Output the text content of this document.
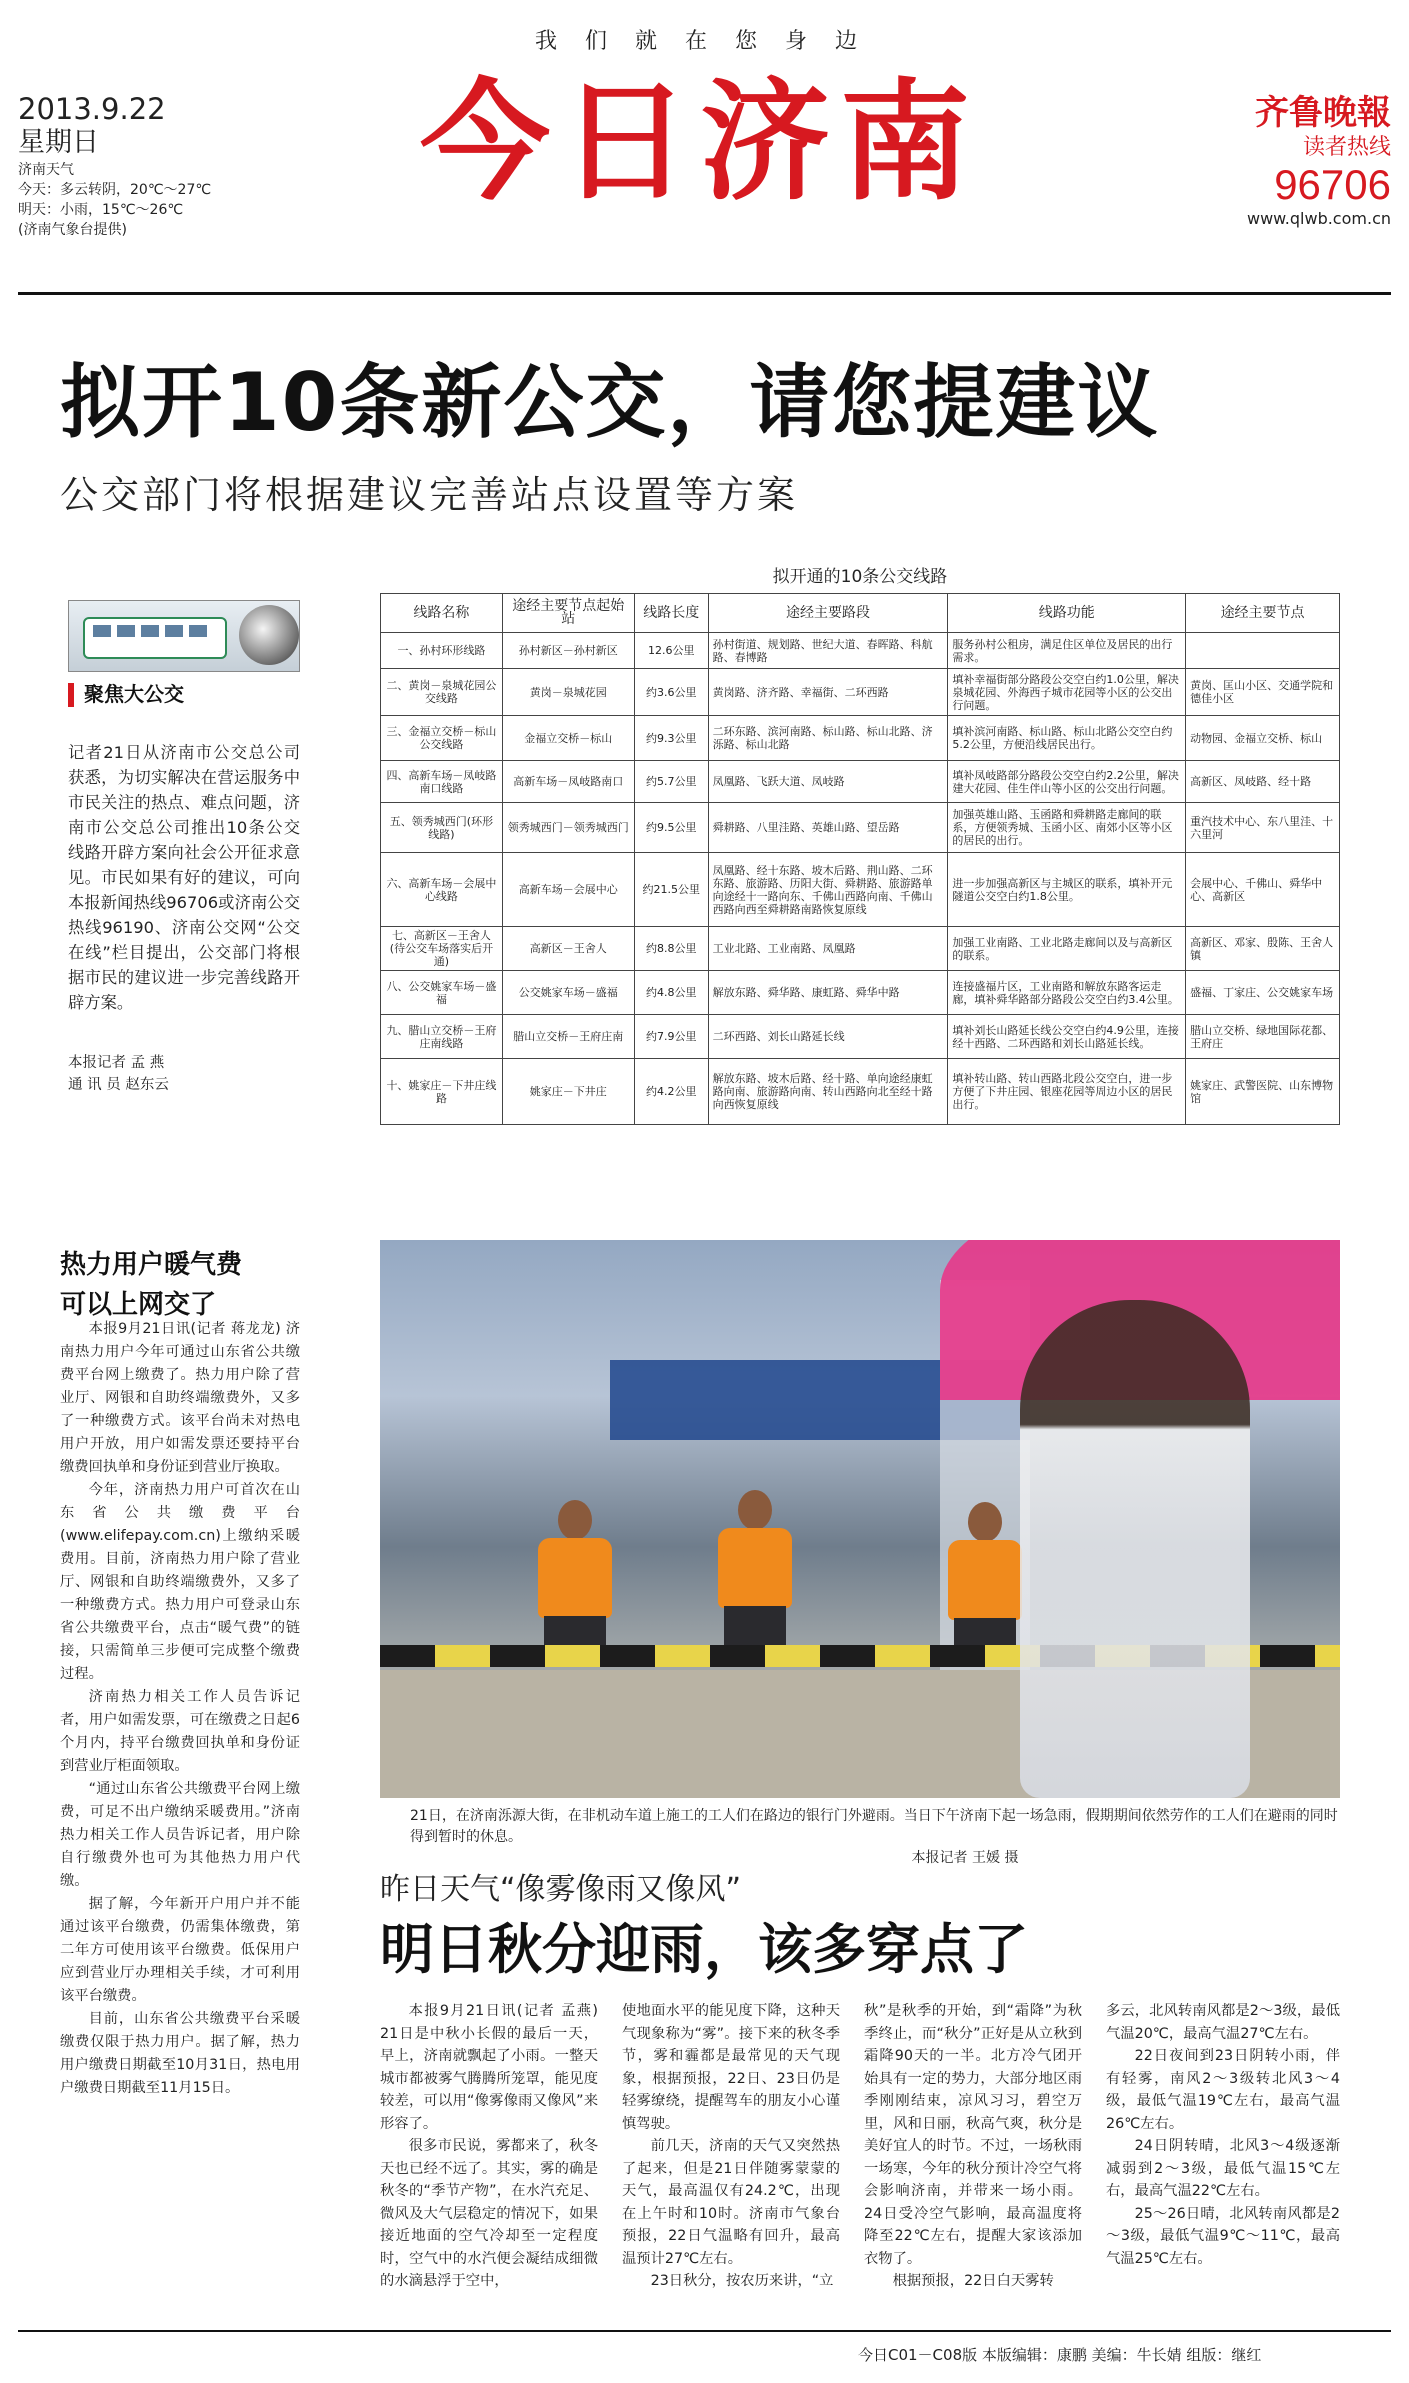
我们就在您身边
2013.9.22
星期日
济南天气
今天：多云转阴，20℃～27℃
明天：小雨，15℃～26℃
(济南气象台提供)
今日济南	齐鲁晚報
读者热线
96706
www.qlwb.com.cn
拟开10条新公交，请您提建议
公交部门将根据建议完善站点设置等方案
聚焦大公交
记者21日从济南市公交总公司获悉，为切实解决在营运服务中市民关注的热点、难点问题，济南市公交总公司推出10条公交线路开辟方案向社会公开征求意见。市民如果有好的建议，可向本报新闻热线96706或济南公交热线96190、济南公交网“公交在线”栏目提出，公交部门将根据市民的建议进一步完善线路开辟方案。
本报记者 孟 燕
通 讯 员 赵东云
拟开通的10条公交线路
线路名称	途经主要节点起始站	线路长度	途经主要路段	线路功能	途经主要节点
一、孙村环形线路	孙村新区－孙村新区	12.6公里	孙村街道、规划路、世纪大道、春晖路、科航路、春博路	服务孙村公租房，满足住区单位及居民的出行需求。	
二、黄岗－泉城花园公交线路	黄岗－泉城花园	约3.6公里	黄岗路、济齐路、幸福街、二环西路	填补幸福街部分路段公交空白约1.0公里，解决泉城花园、外海西子城市花园等小区的公交出行问题。	黄岗、匡山小区、交通学院和德佳小区
三、金福立交桥－标山公交线路	金福立交桥－标山	约9.3公里	二环东路、滨河南路、标山路、标山北路、济泺路、标山北路	填补滨河南路、标山路、标山北路公交空白约5.2公里，方便沿线居民出行。	动物园、金福立交桥、标山
四、高新车场－凤岐路南口线路	高新车场－凤岐路南口	约5.7公里	凤凰路、飞跃大道、凤岐路	填补凤岐路部分路段公交空白约2.2公里，解决建大花园、佳生伴山等小区的公交出行问题。	高新区、凤岐路、经十路
五、领秀城西门(环形线路)	领秀城西门－领秀城西门	约9.5公里	舜耕路、八里洼路、英雄山路、望岳路	加强英雄山路、玉函路和舜耕路走廊间的联系，方便领秀城、玉函小区、南郊小区等小区的居民的出行。	重汽技术中心、东八里洼、十六里河
六、高新车场－会展中心线路	高新车场－会展中心	约21.5公里	凤凰路、经十东路、坡木后路、荆山路、二环东路、旅游路、历阳大街、舜耕路、旅游路单向途经十一路向东、千佛山西路向南、千佛山西路向西至舜耕路南路恢复原线	进一步加强高新区与主城区的联系，填补开元隧道公交空白约1.8公里。	会展中心、千佛山、舜华中心、高新区
七、高新区－王舍人(待公交车场落实后开通)	高新区－王舍人	约8.8公里	工业北路、工业南路、凤凰路	加强工业南路、工业北路走廊间以及与高新区的联系。	高新区、邓家、殷陈、王舍人镇
八、公交姚家车场－盛福	公交姚家车场－盛福	约4.8公里	解放东路、舜华路、康虹路、舜华中路	连接盛福片区，工业南路和解放东路客运走廊，填补舜华路部分路段公交空白约3.4公里。	盛福、丁家庄、公交姚家车场
九、腊山立交桥－王府庄南线路	腊山立交桥－王府庄南	约7.9公里	二环西路、刘长山路延长线	填补刘长山路延长线公交空白约4.9公里，连接经十西路、二环西路和刘长山路延长线。	腊山立交桥、绿地国际花都、王府庄
十、姚家庄－下井庄线路	姚家庄－下井庄	约4.2公里	解放东路、坡木后路、经十路、单向途经康虹路向南、旅游路向南、转山西路向北至经十路向西恢复原线	填补转山路、转山西路北段公交空白，进一步方便了下井庄园、银座花园等周边小区的居民出行。	姚家庄、武警医院、山东博物馆
热力用户暖气费
可以上网交了

本报9月21日讯(记者 蒋龙龙) 济南热力用户今年可通过山东省公共缴费平台网上缴费了。热力用户除了营业厅、网银和自助终端缴费外，又多了一种缴费方式。该平台尚未对热电用户开放，用户如需发票还要持平台缴费回执单和身份证到营业厅换取。

今年，济南热力用户可首次在山东省公共缴费平台(www.elifepay.com.cn)上缴纳采暖费用。目前，济南热力用户除了营业厅、网银和自助终端缴费外，又多了一种缴费方式。热力用户可登录山东省公共缴费平台，点击“暖气费”的链接，只需简单三步便可完成整个缴费过程。

济南热力相关工作人员告诉记者，用户如需发票，可在缴费之日起6个月内，持平台缴费回执单和身份证到营业厅柜面领取。

“通过山东省公共缴费平台网上缴费，可足不出户缴纳采暖费用。”济南热力相关工作人员告诉记者，用户除自行缴费外也可为其他热力用户代缴。

据了解，今年新开户用户并不能通过该平台缴费，仍需集体缴费，第二年方可使用该平台缴费。低保用户应到营业厅办理相关手续，才可利用该平台缴费。

目前，山东省公共缴费平台采暖缴费仅限于热力用户。据了解，热力用户缴费日期截至10月31日，热电用户缴费日期截至11月15日。

21日，在济南泺源大街，在非机动车道上施工的工人们在路边的银行门外避雨。当日下午济南下起一场急雨，假期期间依然劳作的工人们在避雨的同时得到暂时的休息。
本报记者 王媛 摄
昨日天气“像雾像雨又像风”
明日秋分迎雨，该多穿点了

本报9月21日讯(记者 孟燕) 21日是中秋小长假的最后一天，早上，济南就飘起了小雨。一整天城市都被雾气腾腾所笼罩，能见度较差，可以用“像雾像雨又像风”来形容了。

很多市民说，雾都来了，秋冬天也已经不远了。其实，雾的确是秋冬的“季节产物”，在水汽充足、微风及大气层稳定的情况下，如果接近地面的空气冷却至一定程度时，空气中的水汽便会凝结成细微的水滴悬浮于空中，

使地面水平的能见度下降，这种天气现象称为“雾”。接下来的秋冬季节，雾和霾都是最常见的天气现象，根据预报，22日、23日仍是轻雾缭绕，提醒驾车的朋友小心谨慎驾驶。

前几天，济南的天气又突然热了起来，但是21日伴随雾蒙蒙的天气，最高温仅有24.2℃，出现在上午时和10时。济南市气象台预报，22日气温略有回升，最高温预计27℃左右。

23日秋分，按农历来讲，“立

秋”是秋季的开始，到“霜降”为秋季终止，而“秋分”正好是从立秋到霜降90天的一半。北方冷气团开始具有一定的势力，大部分地区雨季刚刚结束，凉风习习，碧空万里，风和日丽，秋高气爽，秋分是美好宜人的时节。不过，一场秋雨一场寒，今年的秋分预计冷空气将会影响济南，并带来一场小雨。24日受冷空气影响，最高温度将降至22℃左右，提醒大家该添加衣物了。

根据预报，22日白天雾转

多云，北风转南风都是2～3级，最低气温20℃，最高气温27℃左右。

22日夜间到23日阴转小雨，伴有轻雾，南风2～3级转北风3～4级，最低气温19℃左右，最高气温26℃左右。

24日阴转晴，北风3～4级逐渐减弱到2～3级，最低气温15℃左右，最高气温22℃左右。

25～26日晴，北风转南风都是2～3级，最低气温9℃～11℃，最高气温25℃左右。

今日C01－C08版 本版编辑：康鹏 美编：牛长婧 组版：继红
